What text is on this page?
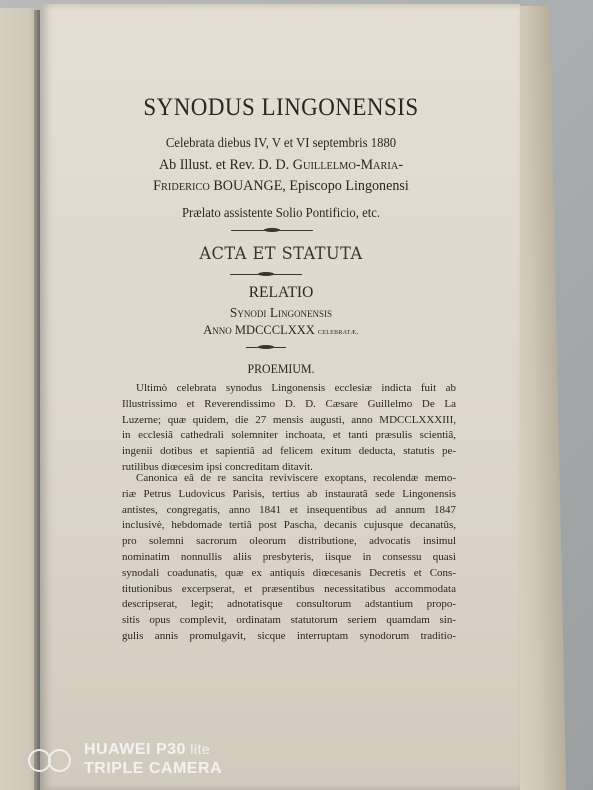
SYNODUS LINGONENSIS
Celebrata diebus IV, V et VI septembris 1880
Ab Illust. et Rev. D. D. Guillelmo-Maria-
Friderico BOUANGE, Episcopo Lingonensi
Prælato assistente Solio Pontificio, etc.
ACTA ET STATUTA
RELATIO
Synodi Lingonensis
Anno MDCCCLXXX celebratæ.
PROEMIUM.
Ultimò celebrata synodus Lingonensis ecclesiæ indicta fuit ab
Illustrissimo et Reverendissimo D. D. Cæsare Guillelmo De La
Luzerne; quæ quidem, die 27 mensis augusti, anno MDCCLXXXIII,
in ecclesiâ cathedrali solemniter inchoata, et tanti præsulis scientiâ,
ingenii dotibus et sapientiâ ad felicem exitum deducta, statutis pe-
rutilibus diœcesim ipsi concreditam ditavit.
Canonica eâ de re sancita reviviscere exoptans, recolendæ memo-
riæ Petrus Ludovicus Parisis, tertius ab instauratâ sede Lingonensis
antistes, congregatis, anno 1841 et insequentibus ad annum 1847
inclusivè, hebdomade tertiâ post Pascha, decanis cujusque decanatûs,
pro solemni sacrorum oleorum distributione, advocatis insimul
nominatim nonnullis aliis presbyteris, iisque in consessu quasi
synodali coadunatis, quæ ex antiquis diœcesanis Decretis et Cons-
titutionibus excerpserat, et præsentibus necessitatibus accommodata
descripserat, legit; adnotatisque consultorum adstantium propo-
sitis opus complevit, ordinatam statutorum seriem quamdam sin-
gulis annis promulgavit, sicque interruptam synodorum traditio-
HUAWEI P30 lite
TRIPLE CAMERA
